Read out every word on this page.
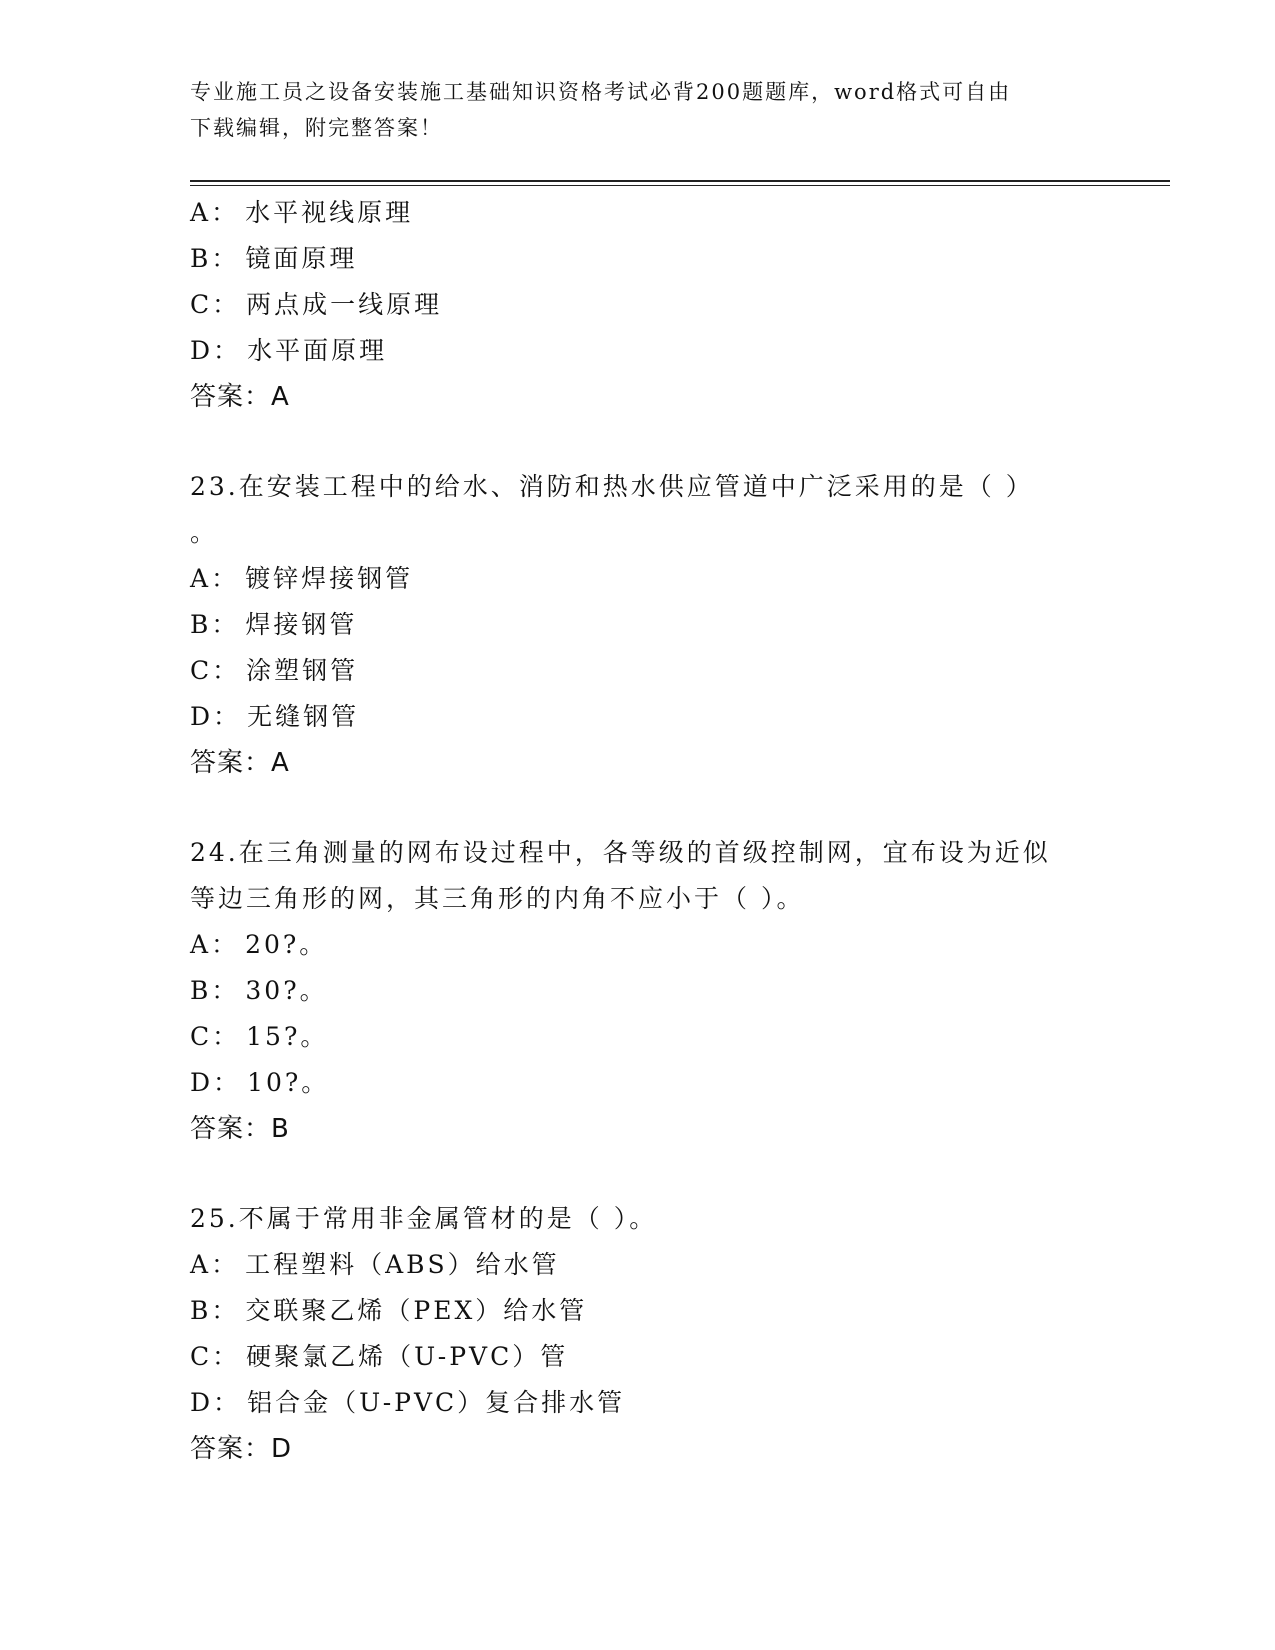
专业施工员之设备安装施工基础知识资格考试必背200题题库，word格式可自由
下载编辑，附完整答案！
A： 水平视线原理
B： 镜面原理
C： 两点成一线原理
D： 水平面原理
答案：A
23.在安装工程中的给水、消防和热水供应管道中广泛采用的是（ ）
。
A： 镀锌焊接钢管
B： 焊接钢管
C： 涂塑钢管
D： 无缝钢管
答案：A
24.在三角测量的网布设过程中，各等级的首级控制网，宜布设为近似
等边三角形的网，其三角形的内角不应小于（ ）。
A： 20?。
B： 30?。
C： 15?。
D： 10?。
答案：B
25.不属于常用非金属管材的是（ ）。
A： 工程塑料（ABS）给水管
B： 交联聚乙烯（PEX）给水管
C： 硬聚氯乙烯（U-PVC）管
D： 铝合金（U-PVC）复合排水管
答案：D
